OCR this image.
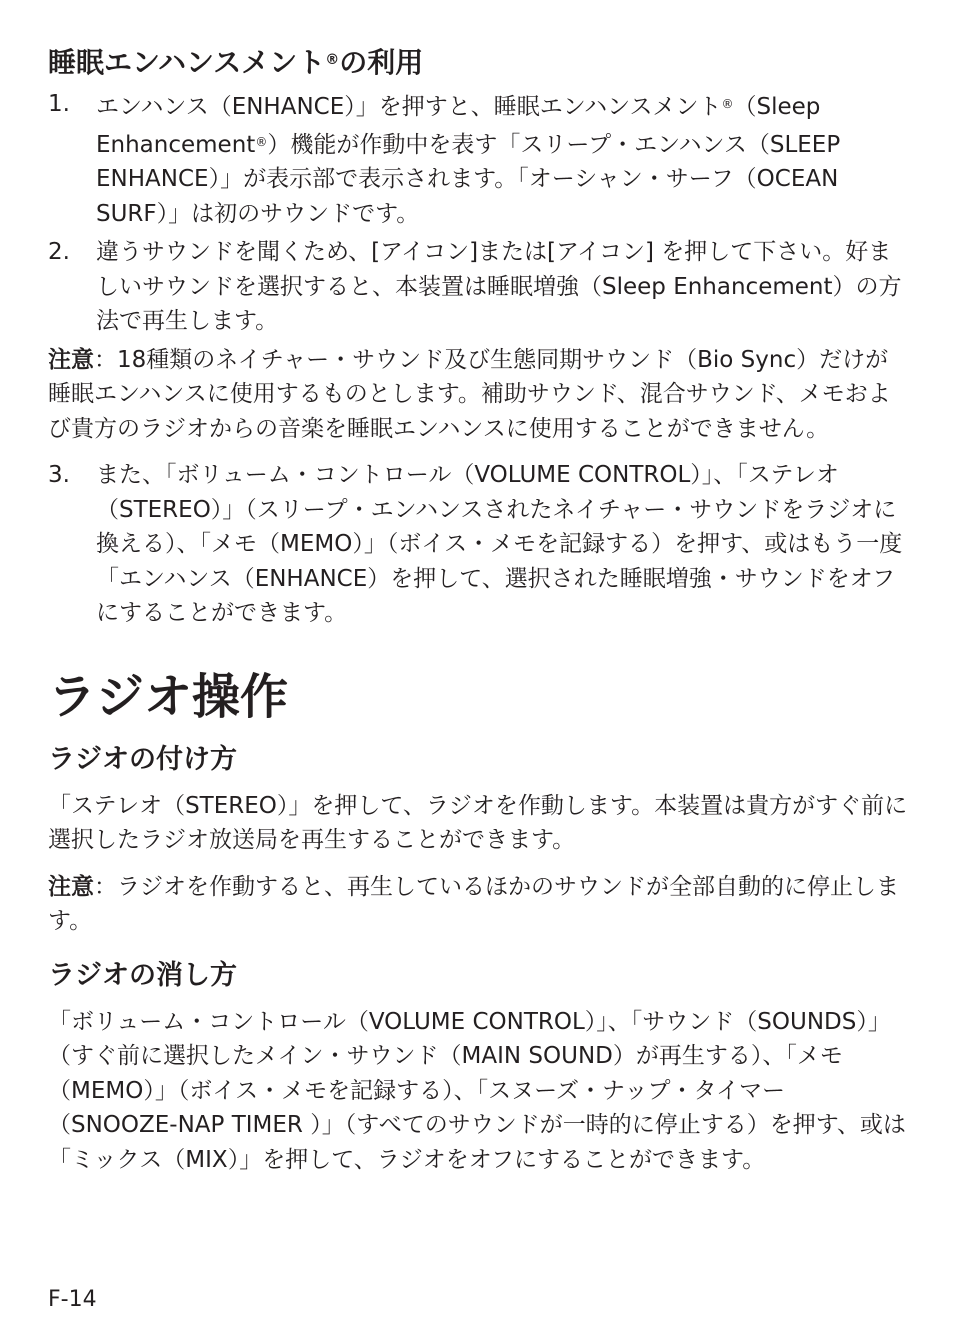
睡眠エンハンスメント®の利用
1.	エンハンス（ENHANCE）」を押すと、睡眠エンハンスメント®（Sleep Enhancement®）機能が作動中を表す「スリープ・エンハンス（SLEEP　ENHANCE）」が表示部で表示されます。「オーシャン・サーフ（OCEAN SURF）」は初のサウンドです。
2.	違うサウンドを聞くため、[アイコン]または[アイコン] を押して下さい。好ましいサウンドを選択すると、本装置は睡眠増強（Sleep Enhancement）の方法で再生します。

注意：18種類のネイチャー・サウンド及び生態同期サウンド（Bio Sync）だけが睡眠エンハンスに使用するものとします。補助サウンド、混合サウンド、メモおよび貴方のラジオからの音楽を睡眠エンハンスに使用することができません。

3.	また、「ボリューム・コントロール（VOLUME CONTROL）」、「ステレオ（STEREO）」（スリープ・エンハンスされたネイチャー・サウンドをラジオに換える）、「メモ（MEMO）」（ボイス・メモを記録する）を押す、或はもう一度「エンハンス（ENHANCE）を押して、選択された睡眠増強・サウンドをオフにすることができます。
ラジオ操作
ラジオの付け方

「ステレオ（STEREO）」を押して、ラジオを作動します。本装置は貴方がすぐ前に選択したラジオ放送局を再生することができます。

注意：ラジオを作動すると、再生しているほかのサウンドが全部自動的に停止します。

ラジオの消し方

「ボリューム・コントロール（VOLUME CONTROL）」、「サウンド（SOUNDS）」（すぐ前に選択したメイン・サウンド（MAIN SOUND）が再生する）、「メモ（MEMO）」（ボイス・メモを記録する）、「スヌーズ・ナップ・タイマー（SNOOZE-NAP TIMER ）」（すべてのサウンドが一時的に停止する）を押す、或は「ミックス（MIX）」を押して、ラジオをオフにすることができます。

F-14
